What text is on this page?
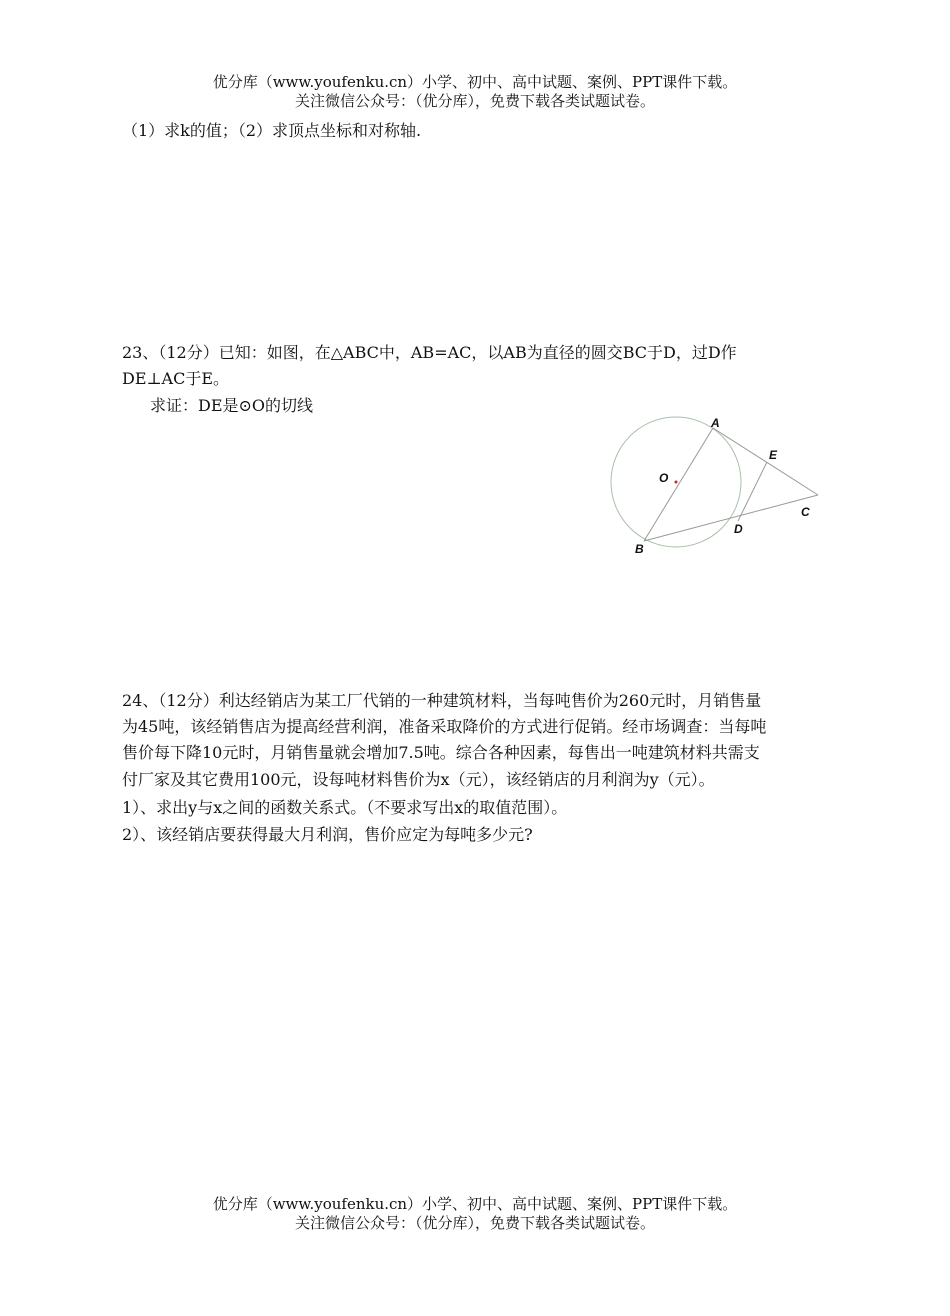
优分库（www.youfenku.cn）小学、初中、高中试题、案例、PPT课件下载。
关注微信公众号：（优分库），免费下载各类试题试卷。
（1）求k的值；（2）求顶点坐标和对称轴.
23、（12分）已知：如图，在△ABC中，AB=AC，以AB为直径的圆交BC于D，过D作
DE⊥AC于E。
求证：DE是⊙O的切线
A
E
O
C
D
B
24、（12分）利达经销店为某工厂代销的一种建筑材料，当每吨售价为260元时，月销售量
为45吨，该经销售店为提高经营利润，准备采取降价的方式进行促销。经市场调查：当每吨
售价每下降10元时，月销售量就会增加7.5吨。综合各种因素，每售出一吨建筑材料共需支
付厂家及其它费用100元，设每吨材料售价为x（元），该经销店的月利润为y（元）。
1）、求出y与x之间的函数关系式。（不要求写出x的取值范围）。
2）、该经销店要获得最大月利润，售价应定为每吨多少元?
优分库（www.youfenku.cn）小学、初中、高中试题、案例、PPT课件下载。
关注微信公众号：（优分库），免费下载各类试题试卷。
